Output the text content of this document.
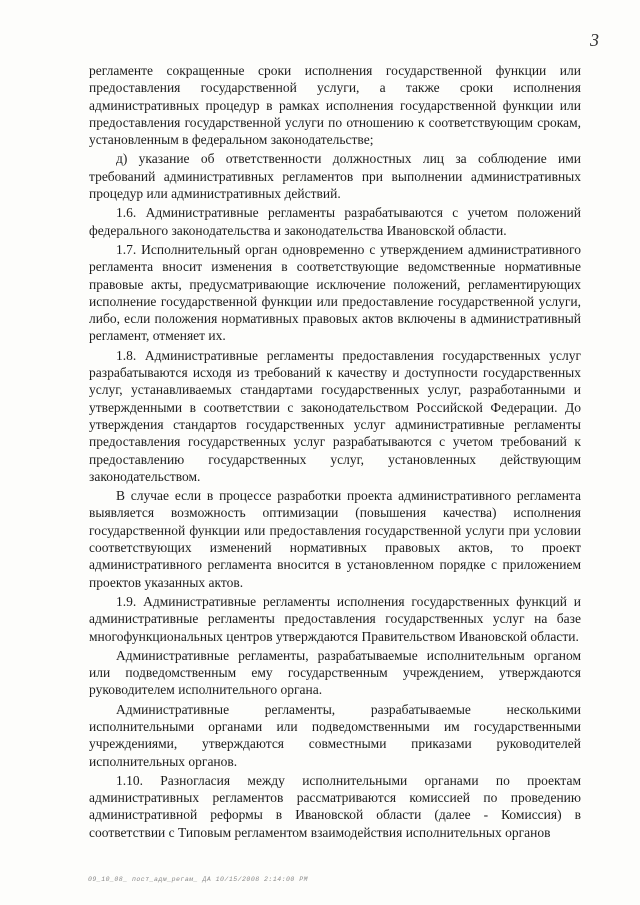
3

регламенте сокращенные сроки исполнения государственной функции или предоставления государственной услуги, а также сроки исполнения административных процедур в рамках исполнения государственной функции или предоставления государственной услуги по отношению к соответствующим срокам, установленным в федеральном законодательстве;

д) указание об ответственности должностных лиц за соблюдение ими требований административных регламентов при выполнении административных процедур или административных действий.

1.6. Административные регламенты разрабатываются с учетом положений федерального законодательства и законодательства Ивановской области.

1.7. Исполнительный орган одновременно с утверждением административного регламента вносит изменения в соответствующие ведомственные нормативные правовые акты, предусматривающие исключение положений, регламентирующих исполнение государственной функции или предоставление государственной услуги, либо, если положения нормативных правовых актов включены в административный регламент, отменяет их.

1.8. Административные регламенты предоставления государственных услуг разрабатываются исходя из требований к качеству и доступности государственных услуг, устанавливаемых стандартами государственных услуг, разработанными и утвержденными в соответствии с законодательством Российской Федерации. До утверждения стандартов государственных услуг административные регламенты предоставления государственных услуг разрабатываются с учетом требований к предоставлению государственных услуг, установленных действующим законодательством.

В случае если в процессе разработки проекта административного регламента выявляется возможность оптимизации (повышения качества) исполнения государственной функции или предоставления государственной услуги при условии соответствующих изменений нормативных правовых актов, то проект административного регламента вносится в установленном порядке с приложением проектов указанных актов.

1.9. Административные регламенты исполнения государственных функций и административные регламенты предоставления государственных услуг на базе многофункциональных центров утверждаются Правительством Ивановской области.

Административные регламенты, разрабатываемые исполнительным органом или подведомственным ему государственным учреждением, утверждаются руководителем исполнительного органа.

Административные регламенты, разрабатываемые несколькими исполнительными органами или подведомственными им государственными учреждениями, утверждаются совместными приказами руководителей исполнительных органов.

1.10. Разногласия между исполнительными органами по проектам административных регламентов рассматриваются комиссией по проведению административной реформы в Ивановской области (далее - Комиссия) в соответствии с Типовым регламентом взаимодействия исполнительных органов

09_10_08_ пост_адм_регам_ ДА 10/15/2008 2:14:00 PM
